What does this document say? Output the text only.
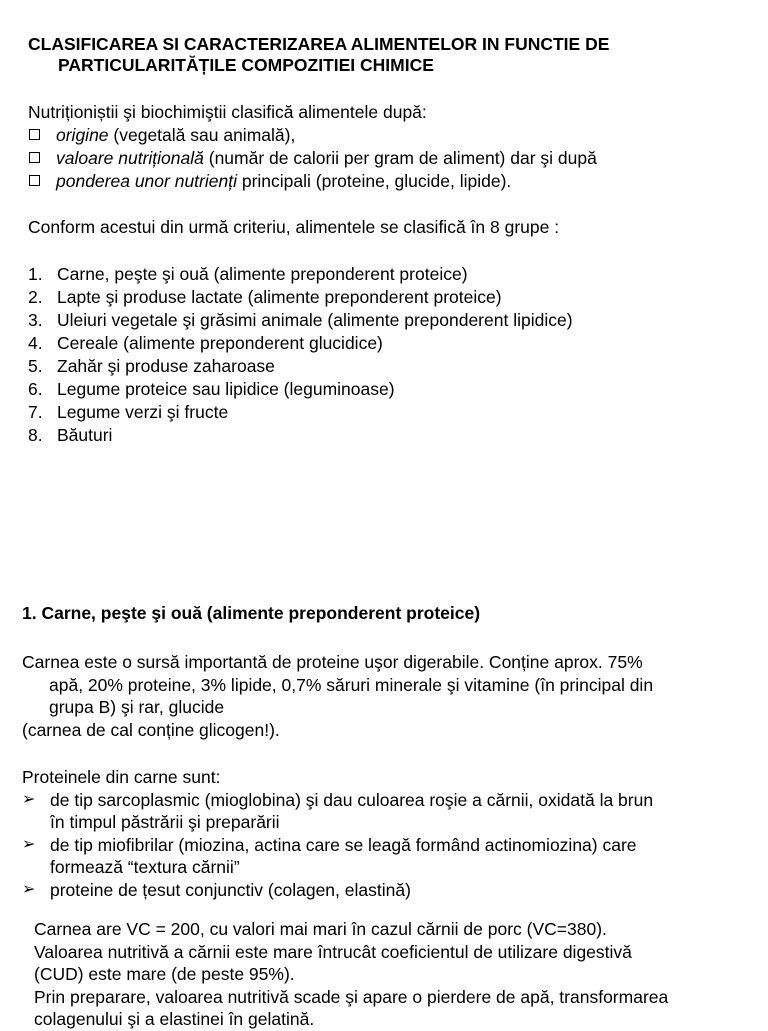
CLASIFICAREA SI CARACTERIZAREA ALIMENTELOR IN FUNCTIE DE
PARTICULARITĂȚILE COMPOZITIEI CHIMICE
Nutriționiștii şi biochimiştii clasifică alimentele după:
origine (vegetală sau animală),
valoare nutrițională (număr de calorii per gram de aliment) dar şi după
ponderea unor nutrienți principali (proteine, glucide, lipide).
Conform acestui din urmă criteriu, alimentele se clasifică în 8 grupe :
1. Carne, peşte şi ouă (alimente preponderent proteice)
2. Lapte şi produse lactate (alimente preponderent proteice)
3. Uleiuri vegetale şi grăsimi animale (alimente preponderent lipidice)
4. Cereale (alimente preponderent glucidice)
5. Zahăr şi produse zaharoase
6. Legume proteice sau lipidice (leguminoase)
7. Legume verzi şi fructe
8. Băuturi
1. Carne, peşte şi ouă (alimente preponderent proteice)
Carnea este o sursă importantă de proteine uşor digerabile. Conține aprox. 75%
apă, 20% proteine, 3% lipide, 0,7% săruri minerale şi vitamine (în principal din
grupa B) şi rar, glucide
(carnea de cal conține glicogen!).
Proteinele din carne sunt:
➢ de tip sarcoplasmic (mioglobina) şi dau culoarea roşie a cărnii, oxidată la brun
în timpul păstrării şi preparării
➢ de tip miofibrilar (miozina, actina care se leagă formând actinomiozina) care
formează “textura cărnii”
➢ proteine de țesut conjunctiv (colagen, elastină)
Carnea are VC = 200, cu valori mai mari în cazul cărnii de porc (VC=380).
Valoarea nutritivă a cărnii este mare întrucât coeficientul de utilizare digestivă
(CUD) este mare (de peste 95%).
Prin preparare, valoarea nutritivă scade şi apare o pierdere de apă, transformarea
colagenului şi a elastinei în gelatină.
